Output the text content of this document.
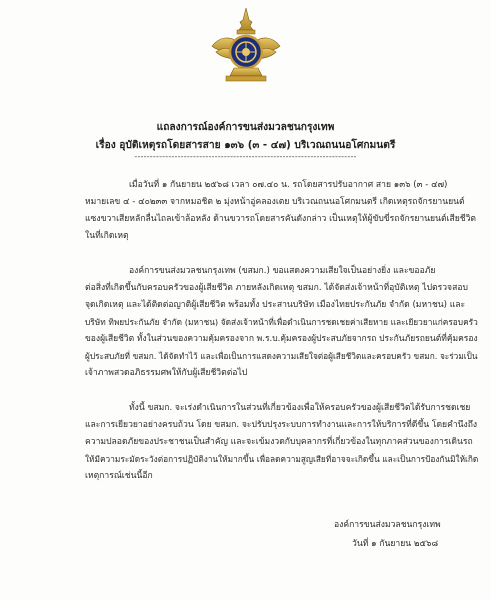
แถลงการณ์องค์การขนส่งมวลชนกรุงเทพ
เรื่อง อุบัติเหตุรถโดยสารสาย ๑๓๖ (๓ - ๔๗) บริเวณถนนอโศกมนตรี
------------------------------------------------------------------------
เมื่อวันที่ ๑ กันยายน ๒๕๖๘ เวลา ๐๗.๔๐ น. รถโดยสารปรับอากาศ สาย ๑๓๖ (๓ - ๔๗)
หมายเลข ๔ - ๔๐๒๓๓ จากหมอชิต ๒ มุ่งหน้าอู่คลองเตย บริเวณถนนอโศกมนตรี เกิดเหตุรถจักรยานยนต์
แซงขวาเสียหลักลื่นไถลเข้าล้อหลัง ด้านขวารถโดยสารคันดังกล่าว เป็นเหตุให้ผู้ขับขี่รถจักรยานยนต์เสียชีวิต
ในที่เกิดเหตุ
องค์การขนส่งมวลชนกรุงเทพ (ขสมก.) ขอแสดงความเสียใจเป็นอย่างยิ่ง และขออภัย
ต่อสิ่งที่เกิดขึ้นกับครอบครัวของผู้เสียชีวิต ภายหลังเกิดเหตุ ขสมก. ได้จัดส่งเจ้าหน้าที่อุบัติเหตุ ไปตรวจสอบ
จุดเกิดเหตุ และได้ติดต่อญาติผู้เสียชีวิต พร้อมทั้ง ประสานบริษัท เมืองไทยประกันภัย จำกัด (มหาชน) และ
บริษัท ทิพยประกันภัย จำกัด (มหาชน) จัดส่งเจ้าหน้าที่เพื่อดำเนินการชดเชยค่าเสียหาย และเยียวยาแก่ครอบครัว
ของผู้เสียชีวิต ทั้งในส่วนของความคุ้มครองจาก พ.ร.บ.คุ้มครองผู้ประสบภัยจากรถ ประกันภัยรถยนต์ที่คุ้มครอง
ผู้ประสบภัยที่ ขสมก. ได้จัดทำไว้ และเพื่อเป็นการแสดงความเสียใจต่อผู้เสียชีวิตและครอบครัว ขสมก. จะร่วมเป็น
เจ้าภาพสวดอภิธรรมศพให้กับผู้เสียชีวิตต่อไป
ทั้งนี้ ขสมก. จะเร่งดำเนินการในส่วนที่เกี่ยวข้องเพื่อให้ครอบครัวของผู้เสียชีวิตได้รับการชดเชย
และการเยียวยาอย่างครบถ้วน โดย ขสมก. จะปรับปรุงระบบการทำงานและการให้บริการที่ดีขึ้น โดยคำนึงถึง
ความปลอดภัยของประชาชนเป็นสำคัญ และจะเข้มงวดกับบุคลากรที่เกี่ยวข้องในทุกภาคส่วนของการเดินรถ
ให้มีความระมัดระวังต่อการปฏิบัติงานให้มากขึ้น เพื่อลดความสูญเสียที่อาจจะเกิดขึ้น และเป็นการป้องกันมิให้เกิด
เหตุการณ์เช่นนี้อีก
องค์การขนส่งมวลชนกรุงเทพ
วันที่ ๑ กันยายน ๒๕๖๘
